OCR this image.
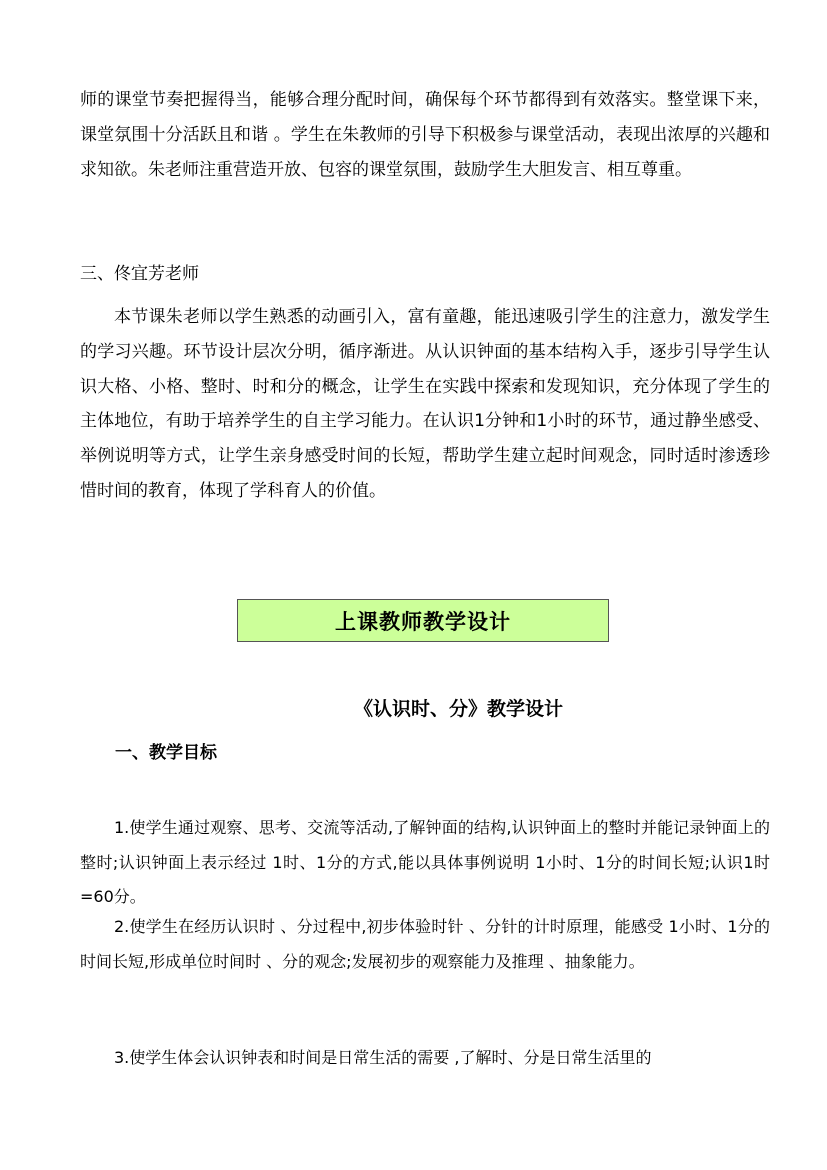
师的课堂节奏把握得当，能够合理分配时间，确保每个环节都得到有效落实。整堂课下来，课堂氛围十分活跃且和谐 。学生在朱教师的引导下积极参与课堂活动，表现出浓厚的兴趣和求知欲。朱老师注重营造开放、包容的课堂氛围，鼓励学生大胆发言、相互尊重。

三、佟宜芳老师

本节课朱老师以学生熟悉的动画引入，富有童趣，能迅速吸引学生的注意力，激发学生的学习兴趣。环节设计层次分明，循序渐进。从认识钟面的基本结构入手，逐步引导学生认识大格、小格、整时、时和分的概念，让学生在实践中探索和发现知识，充分体现了学生的主体地位，有助于培养学生的自主学习能力。在认识1分钟和1小时的环节，通过静坐感受、举例说明等方式，让学生亲身感受时间的长短，帮助学生建立起时间观念，同时适时渗透珍惜时间的教育，体现了学科育人的价值。

上课教师教学设计

《认识时、分》教学设计

一、教学目标

1.使学生通过观察、思考、交流等活动,了解钟面的结构,认识钟面上的整时并能记录钟面上的整时;认识钟面上表示经过 1时、1分的方式,能以具体事例说明 1小时、1分的时间长短;认识1时=60分。

2.使学生在经历认识时 、分过程中,初步体验时针 、分针的计时原理，能感受 1小时、1分的时间长短,形成单位时间时 、分的观念;发展初步的观察能力及推理 、抽象能力。

3.使学生体会认识钟表和时间是日常生活的需要 ,了解时、分是日常生活里的
